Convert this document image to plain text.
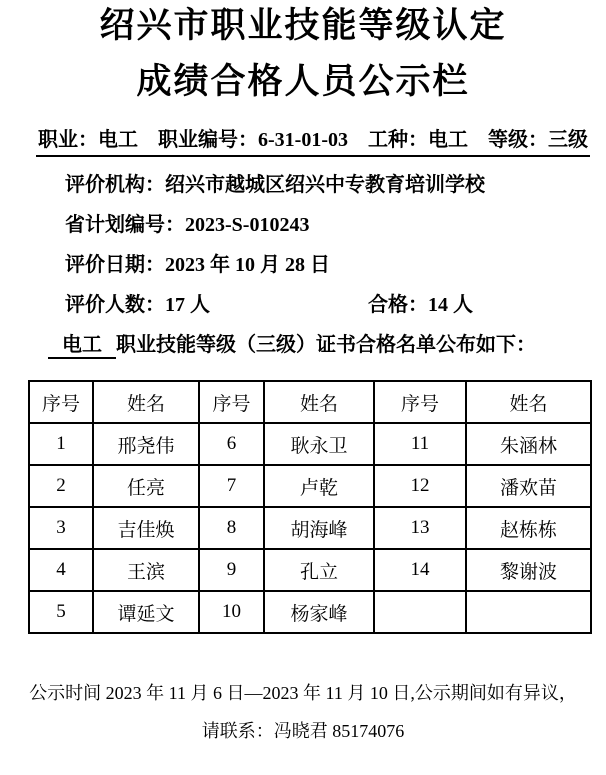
绍兴市职业技能等级认定
成绩合格人员公示栏
职业：电工　职业编号：6-31-01-03　工种：电工　等级：三级
评价机构：绍兴市越城区绍兴中专教育培训学校
省计划编号：2023-S-010243
评价日期：2023 年 10 月 28 日
评价人数：17 人	合格：14 人
电工 职业技能等级（三级）证书合格名单公布如下：
序号	姓名	序号	姓名	序号	姓名
1	邢尧伟	6	耿永卫	11	朱涵林
2	任亮	7	卢乾	12	潘欢苗
3	吉佳焕	8	胡海峰	13	赵栋栋
4	王滨	9	孔立	14	黎谢波
5	谭延文	10	杨家峰		
公示时间 2023 年 11 月 6 日—2023 年 11 月 10 日,公示期间如有异议，
请联系：冯晓君 85174076
